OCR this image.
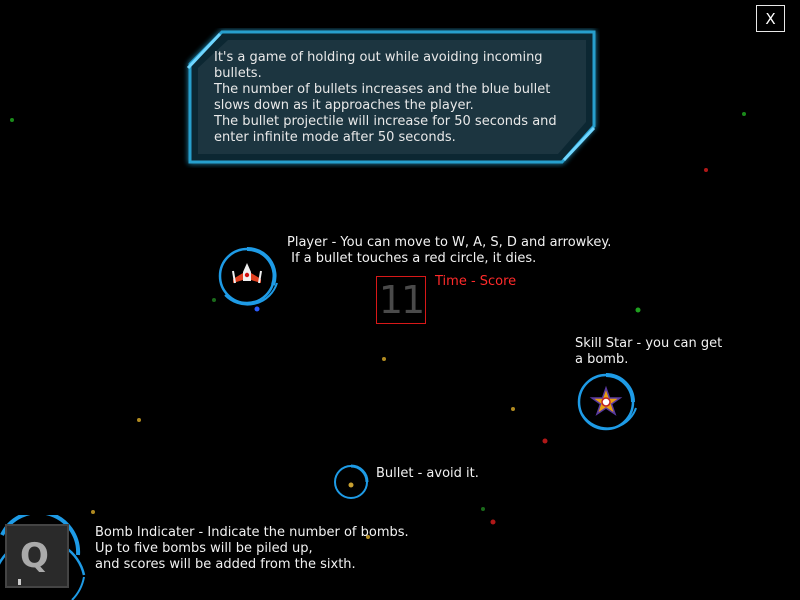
X
It's a game of holding out while avoiding incoming bullets.
The number of bullets increases and the blue bullet slows down as it approaches the player.
The bullet projectile will increase for 50 seconds and enter infinite mode after 50 seconds.
Player - You can move to W, A, S, D and arrowkey.
If a bullet touches a red circle, it dies.
11 Time - Score
Skill Star - you can get
a bomb.
Bullet - avoid it.
Q
Bomb Indicater - Indicate the number of bombs.
Up to five bombs will be piled up,
and scores will be added from the sixth.
